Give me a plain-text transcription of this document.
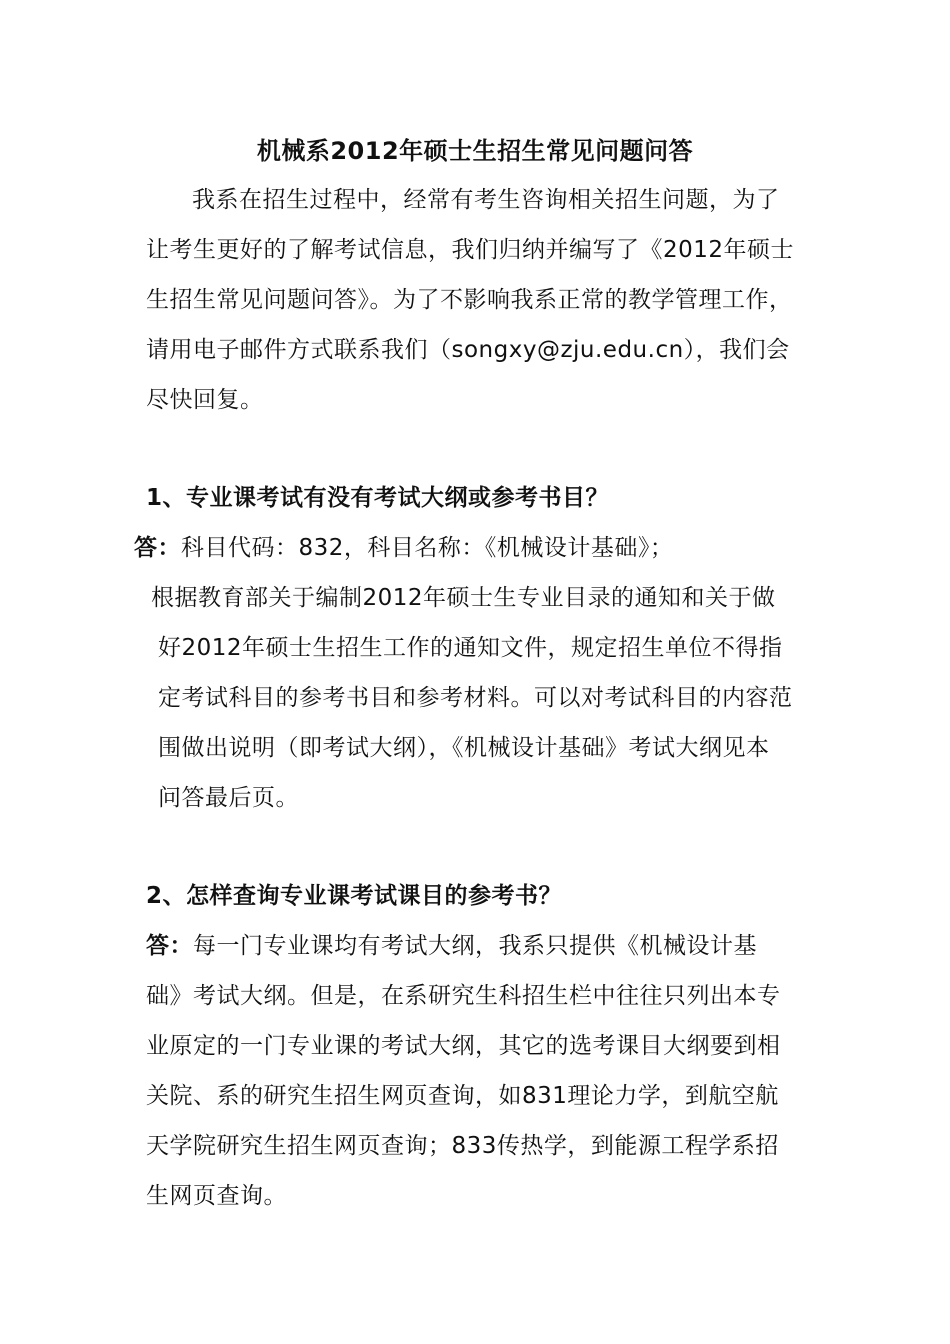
机械系2012年硕士生招生常见问题问答
我系在招生过程中，经常有考生咨询相关招生问题，为了
让考生更好的了解考试信息，我们归纳并编写了《2012年硕士
生招生常见问题问答》。为了不影响我系正常的教学管理工作，
请用电子邮件方式联系我们（songxy@zju.edu.cn），我们会
尽快回复。
1、专业课考试有没有考试大纲或参考书目？
答：科目代码：832，科目名称：《机械设计基础》；
根据教育部关于编制2012年硕士生专业目录的通知和关于做
好2012年硕士生招生工作的通知文件，规定招生单位不得指
定考试科目的参考书目和参考材料。可以对考试科目的内容范
围做出说明（即考试大纲），《机械设计基础》考试大纲见本
问答最后页。
2、怎样查询专业课考试课目的参考书？
答：每一门专业课均有考试大纲，我系只提供《机械设计基
础》考试大纲。但是，在系研究生科招生栏中往往只列出本专
业原定的一门专业课的考试大纲，其它的选考课目大纲要到相
关院、系的研究生招生网页查询，如831理论力学，到航空航
天学院研究生招生网页查询；833传热学，到能源工程学系招
生网页查询。
